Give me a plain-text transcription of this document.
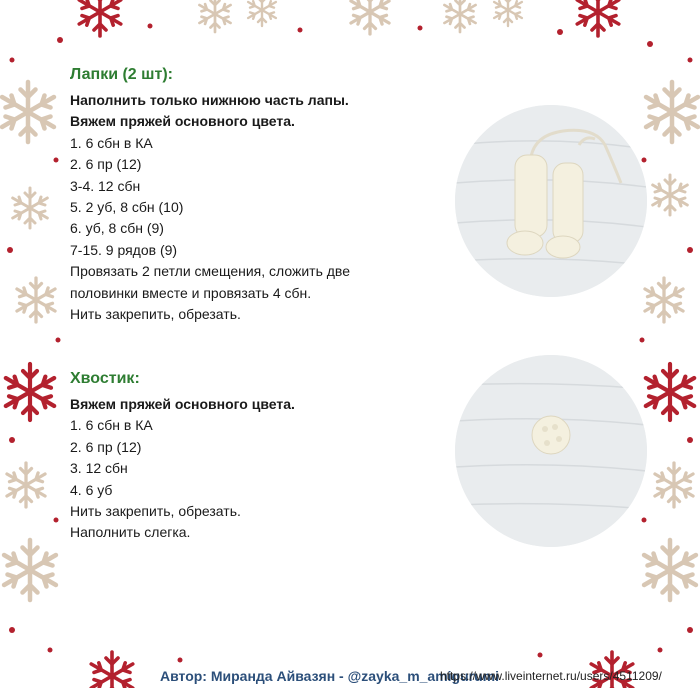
Лапки (2 шт):
Наполнить только нижнюю часть лапы.
Вяжем пряжей основного цвета.
1. 6 сбн в КА
2. 6 пр (12)
3-4. 12 сбн
5. 2 уб, 8 сбн (10)
6. уб, 8 сбн (9)
7-15. 9 рядов (9)
Провязать 2 петли смещения, сложить две
половинки вместе и провязать 4 сбн.
Нить закрепить, обрезать.
Хвостик:
Вяжем пряжей основного цвета.
1. 6 сбн в КА
2. 6 пр (12)
3. 12 сбн
4. 6 уб
Нить закрепить, обрезать.
Наполнить слегка.
Автор: Миранда Айвазян - @zayka_m_amigurumi
https://www.liveinternet.ru/users/4511209/
